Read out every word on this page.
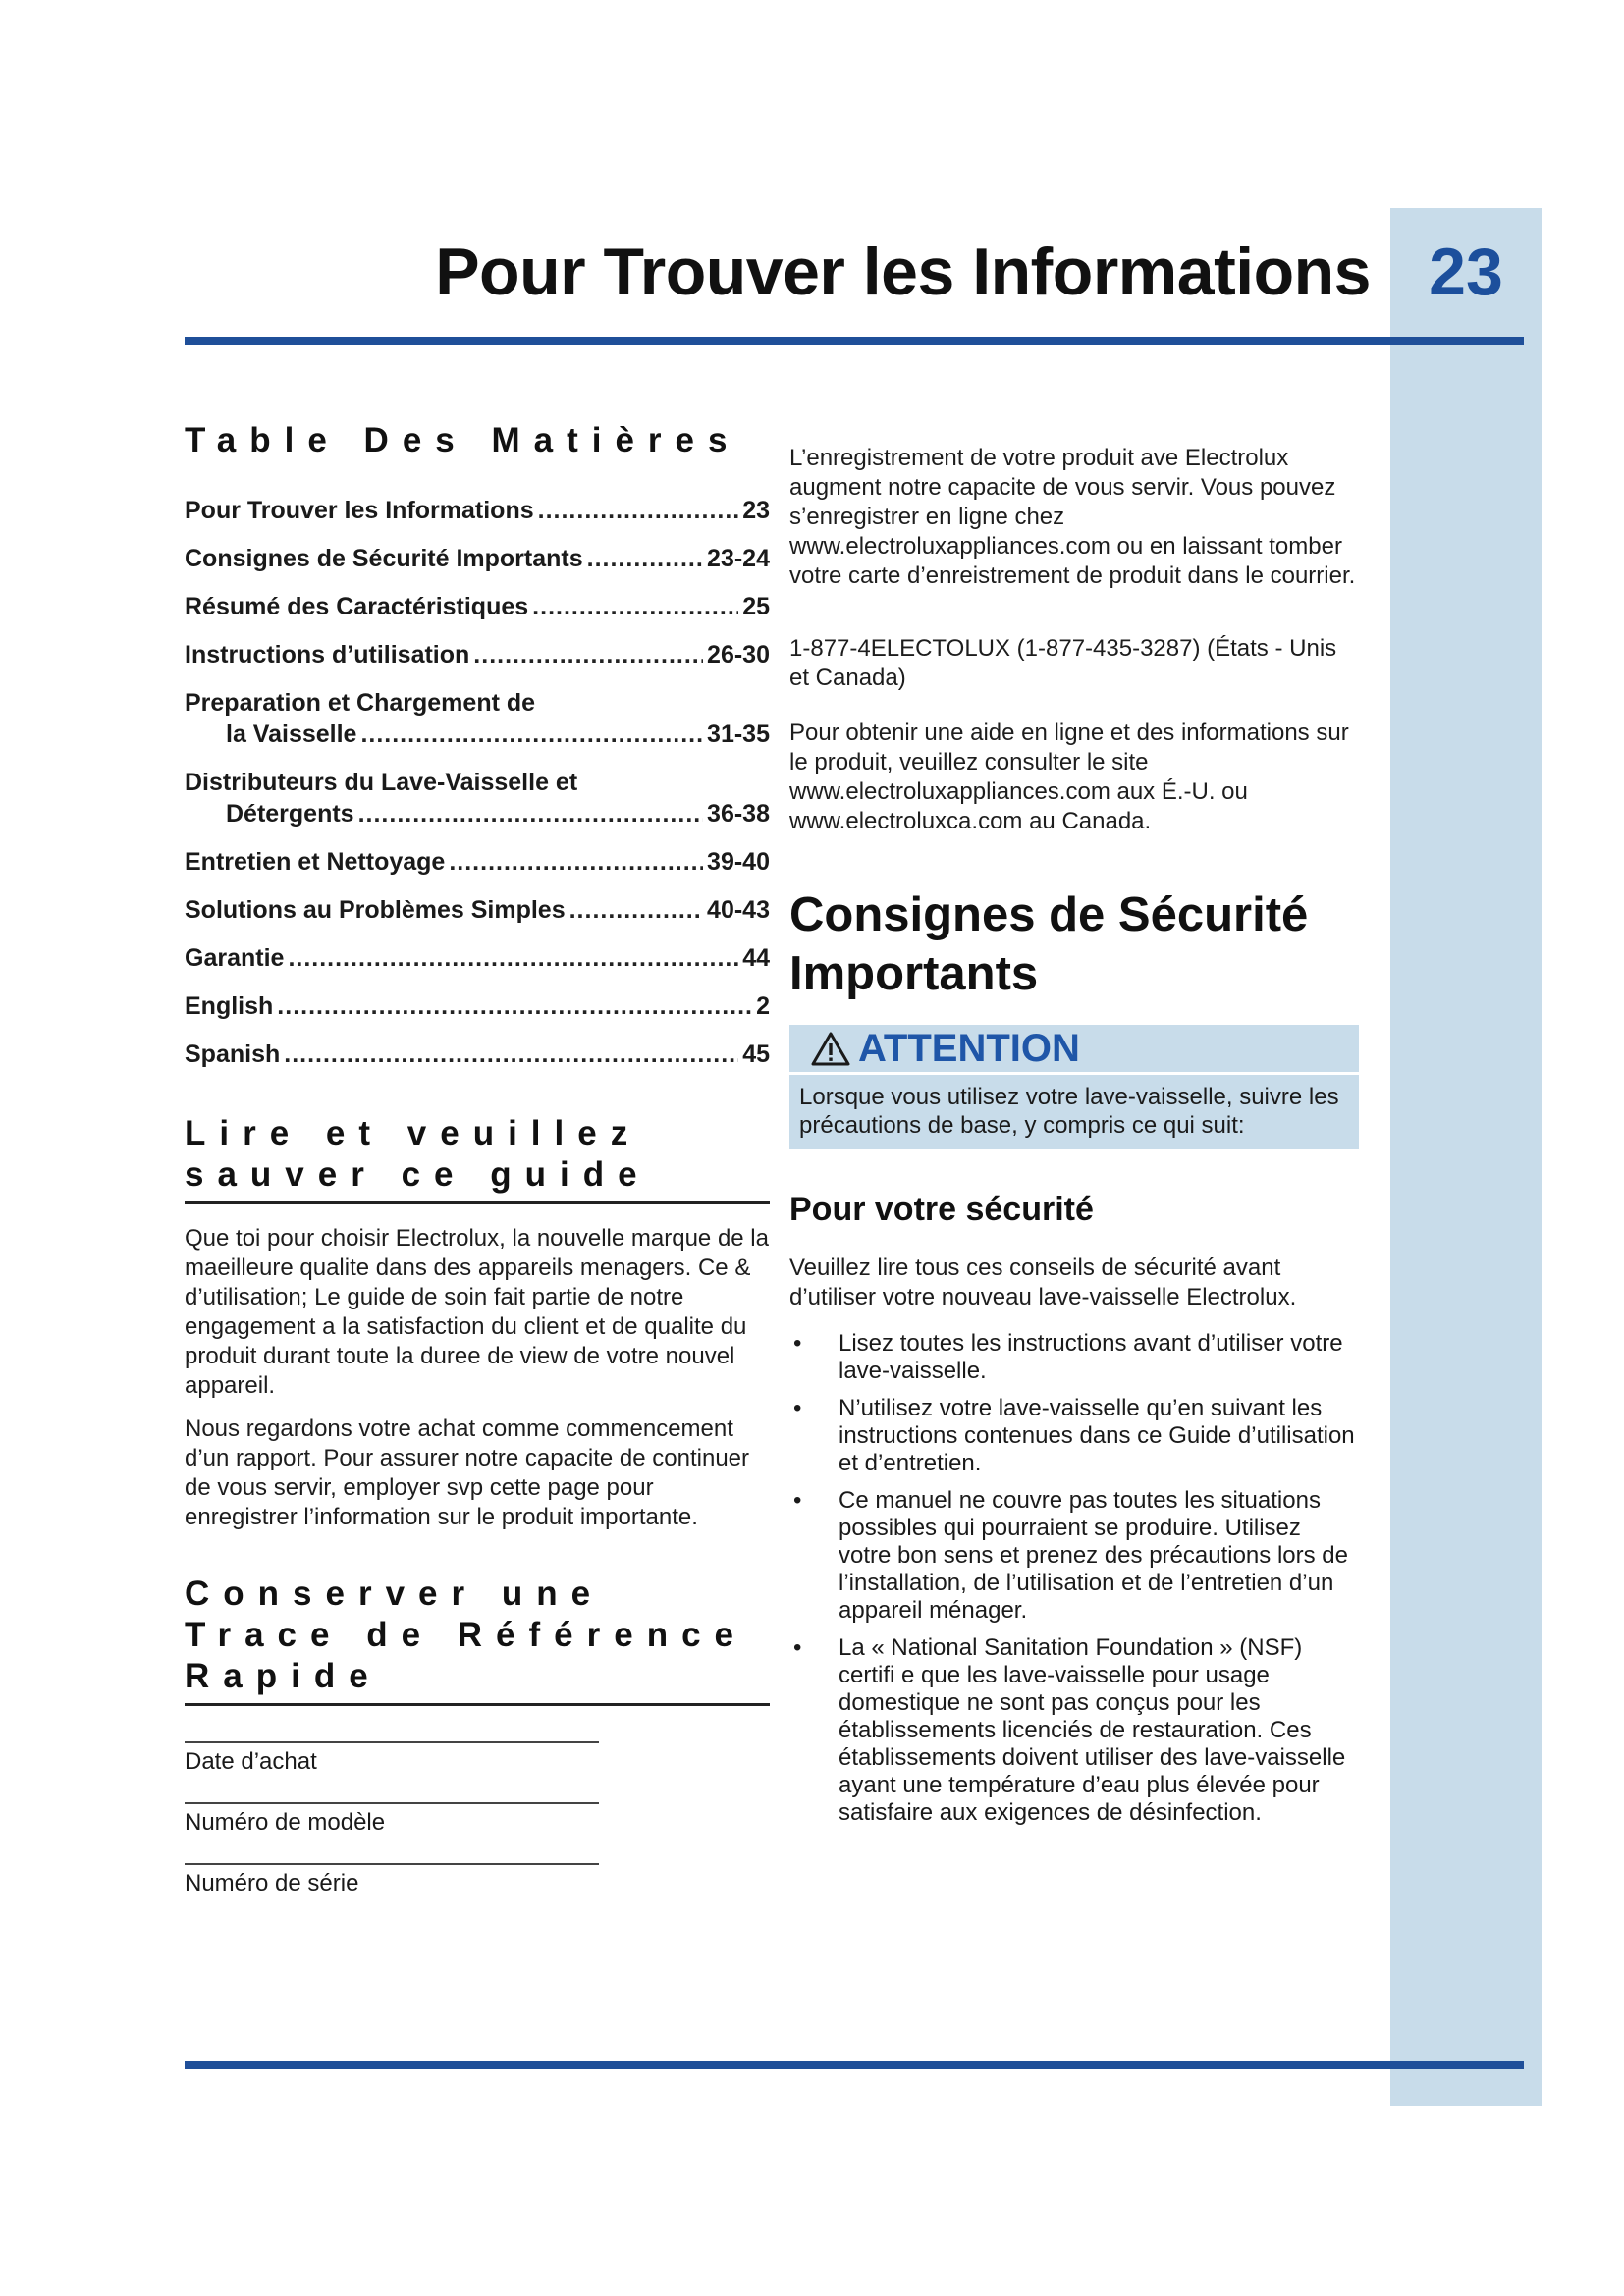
Pour Trouver les Informations 23
Table Des Matières
Pour Trouver les Informations .....	23
Consignes de Sécurité Importants .....	23-24
Résumé des Caractéristiques .....	25
Instructions d’utilisation .....	26-30
Preparation et Chargement de
la Vaisselle .....	31-35
Distributeurs du Lave-Vaisselle et
Détergents .....	36-38
Entretien et Nettoyage .....	39-40
Solutions au Problèmes Simples .....	40-43
Garantie .....	44
English .....	2
Spanish .....	45
Lire et veuillez sauver ce guide

Que toi pour choisir Electrolux, la nouvelle marque de la maeilleure qualite dans des appareils menagers. Ce & d’utilisation; Le guide de soin fait partie de notre engagement a la satisfaction du client et de qualite du produit durant toute la duree de view de votre nouvel appareil.

Nous regardons votre achat comme commencement d’un rapport. Pour assurer notre capacite de continuer de vous servir, employer svp cette page pour enregistrer l’information sur le produit importante.

Conserver une Trace de Référence Rapide
Date d’achat
Numéro de modèle
Numéro de série

L’enregistrement de votre produit ave Electrolux augment notre capacite de vous servir. Vous pouvez s’enregistrer en ligne chez www.electroluxappliances.com ou en laissant tomber votre carte d’enreistrement de produit dans le courrier.

1-877-4ELECTOLUX (1-877-435-3287) (États - Unis et Canada)

Pour obtenir une aide en ligne et des informations sur le produit, veuillez consulter le site www.electroluxappliances.com aux É.-U. ou www.electroluxca.com au Canada.

Consignes de Sécurité Importants
ATTENTION
Lorsque vous utilisez votre lave-vaisselle, suivre les précautions de base, y compris ce qui suit:
Pour votre sécurité

Veuillez lire tous ces conseils de sécurité avant d’utiliser votre nouveau lave-vaisselle Electrolux.

• Lisez toutes les instructions avant d’utiliser votre lave-vaisselle.
• N’utilisez votre lave-vaisselle qu’en suivant les instructions contenues dans ce Guide d’utilisation et d’entretien.
• Ce manuel ne couvre pas toutes les situations possibles qui pourraient se produire. Utilisez votre bon sens et prenez des précautions lors de l’installation, de l’utilisation et de l’entretien d’un appareil ménager.
• La « National Sanitation Foundation » (NSF) certifi e que les lave-vaisselle pour usage domestique ne sont pas conçus pour les établissements licenciés de restauration. Ces établissements doivent utiliser des lave-vaisselle ayant une température d’eau plus élevée pour satisfaire aux exigences de désinfection.
